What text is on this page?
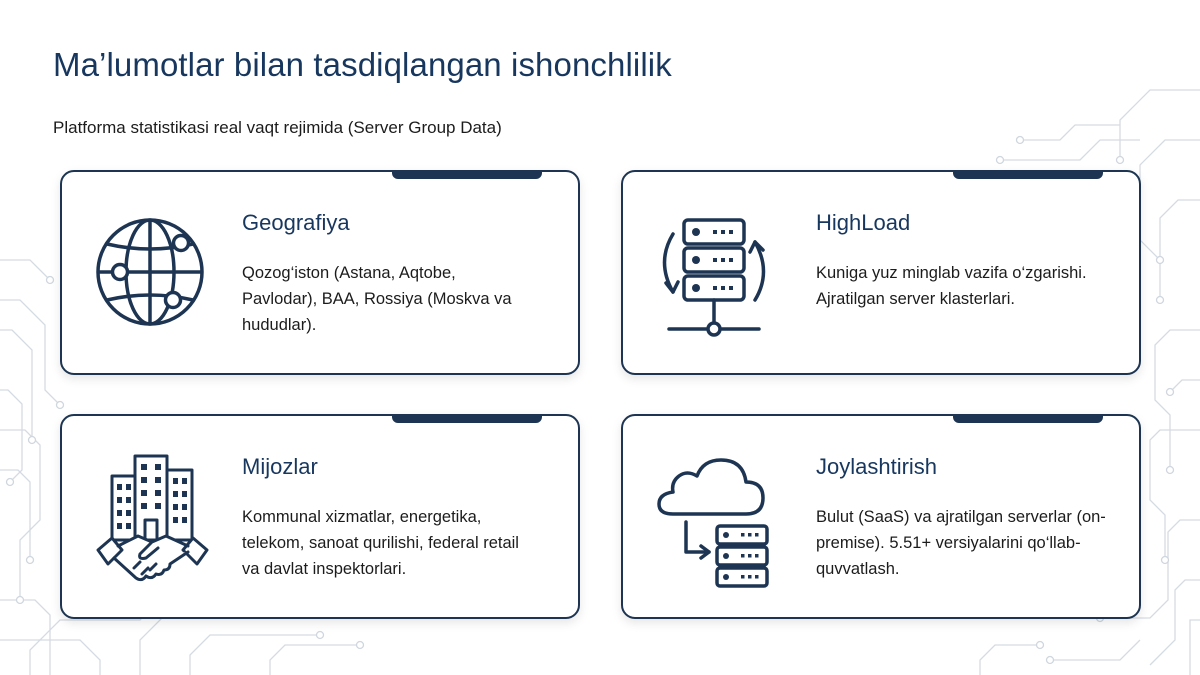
Ma’lumotlar bilan tasdiqlangan ishonchlilik

Platforma statistikasi real vaqt rejimida (Server Group Data)

Geografiya

Qozog‘iston (Astana, Aqtobe, Pavlodar), BAA, Rossiya (Moskva va hududlar).

HighLoad

Kuniga yuz minglab vazifa o‘zgarishi. Ajratilgan server klasterlari.

Mijozlar

Kommunal xizmatlar, energetika, telekom, sanoat qurilishi, federal retail va davlat inspektorlari.

Joylashtirish

Bulut (SaaS) va ajratilgan serverlar (on-premise). 5.51+ versiyalarini qo‘llab-quvvatlash.
